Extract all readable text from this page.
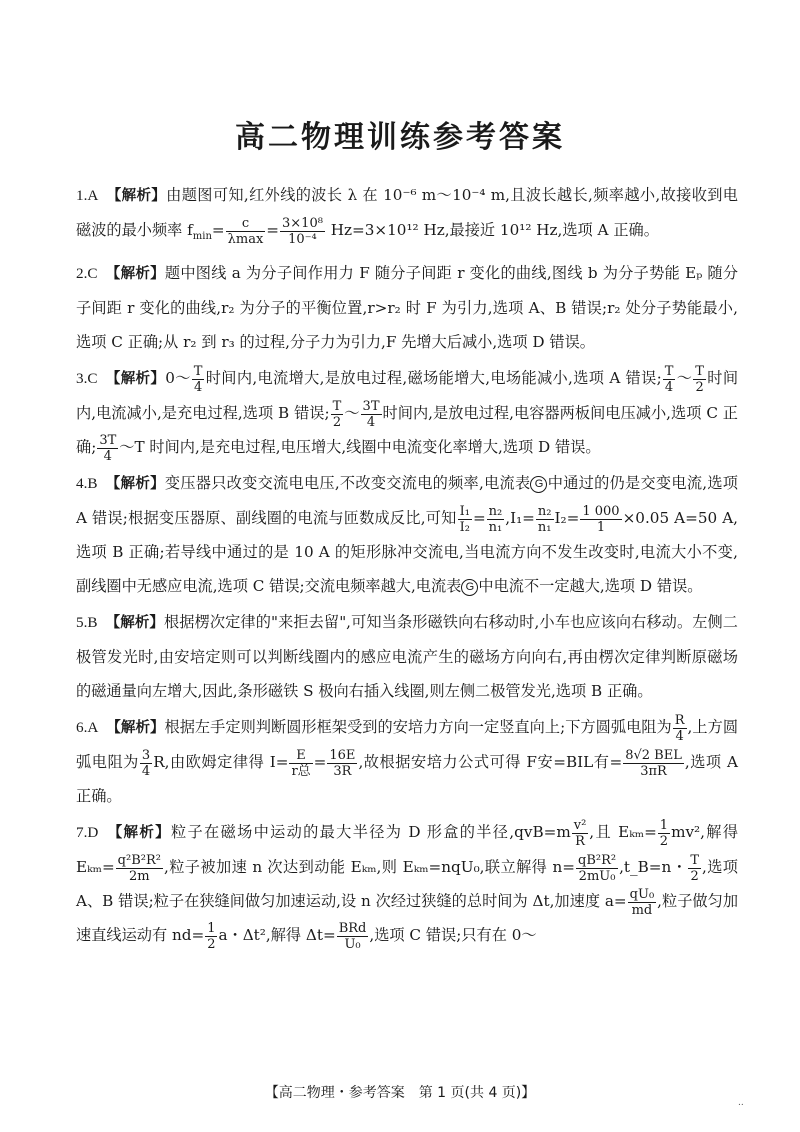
高二物理训练参考答案

1.A 【解析】由题图可知,红外线的波长 λ 在 10⁻⁶ m～10⁻⁴ m,且波长越长,频率越小,故接收到电磁波的最小频率 $f_{min}= \frac{c}{\lambda\max} = \frac{\text{3×10⁸}}{\text{10⁻⁴}} Hz=3\times 10^{12}$ Hz,最接近 10¹² Hz,选项 A 正确。

2.C 【解析】题中图线 a 为分子间作用力 F 随分子间距 r 变化的曲线,图线 b 为分子势能 Eₚ 随分子间距 r 变化的曲线,r₂ 为分子的平衡位置,r>r₂ 时 F 为引力,选项 A、B 错误;r₂ 处分子势能最小,选项 C 正确;从 r₂ 到 r₃ 的过程,分子力为引力,F 先增大后减小,选项 D 错误。

3.C 【解析】0～ $\frac{T}{4}$ 时间内,电流增大,是放电过程,磁场能增大,电场能减小,选项 A 错误; $\frac{T}{4}$ ～ $\frac{T}{2}$ 时间内,电流减小,是充电过程,选项 B 错误; $\frac{T}{2}$ ～ $\frac{3T}{4}$ 时间内,是放电过程,电容器两板间电压减小,选项 C 正确; $\frac{3T}{4}$ ～T 时间内,是充电过程,电压增大,线圈中电流变化率增大,选项 D 错误。

4.B 【解析】变压器只改变交流电电压,不改变交流电的频率,电流表 G 中通过的仍是交变电流,选项 A 错误;根据变压器原、副线圈的电流与匝数成反比,可知 $\frac{\text{I₁}}{\text{I₂}} = \frac{\text{n₂}}{\text{n₁}} ,I_1= \frac{\text{n₂}}{\text{n₁}} I_2= \frac{1 000}{1} \times 0.05$ A=50 A,选项 B 正确;若导线中通过的是 10 A 的矩形脉冲交流电,当电流方向不发生改变时,电流大小不变,副线圈中无感应电流,选项 C 错误;交流电频率越大,电流表 G 中电流不一定越大,选项 D 错误。

5.B 【解析】根据楞次定律的"来拒去留",可知当条形磁铁向右移动时,小车也应该向右移动。左侧二极管发光时,由安培定则可以判断线圈内的感应电流产生的磁场方向向右,再由楞次定律判断原磁场的磁通量向左增大,因此,条形磁铁 S 极向右插入线圈,则左侧二极管发光,选项 B 正确。

6.A 【解析】根据左手定则判断圆形框架受到的安培力方向一定竖直向上;下方圆弧电阻为 $\frac{R}{4}$ ,上方圆弧电阻为 $\frac{3}{4} R$,由欧姆定律得 $I= \frac{E}{\text{r总}} = \frac{16E}{3R}$ ,故根据安培力公式可得 F安=BIL有= $\frac{\text{8√2 BEL}}{3\pi R}$ ,选项 A 正确。

7.D 【解析】粒子在磁场中运动的最大半径为 D 形盒的半径$,qvB=m \frac{\text{v²}}{R}$ ,且 $E_{km}= \frac{1}{2} mv^2$,解得 $E_{km}= \frac{\text{q²B²R²}}{2m}$ ,粒子被加速 n 次达到动能 Eₖₘ,则 Eₖₘ=nqU₀,联立解得 $n= \frac{\text{qB²R²}}{\text{2mU₀}}$ ,t_B=n・ $\frac{T}{2}$ ,选项 A、B 错误;粒子在狭缝间做匀加速运动,设 n 次经过狭缝的总时间为 Δt,加速度 $a= \frac{\text{qU₀}}{md}$ ,粒子做匀加速直线运动有 $nd= \frac{1}{2}$ a・Δt²,解得 $\Delta t= \frac{\text{BRd}}{\text{U₀}}$ ,选项 C 错误;只有在 0～

【高二物理・参考答案　第 1 页(共 4 页)】
..
